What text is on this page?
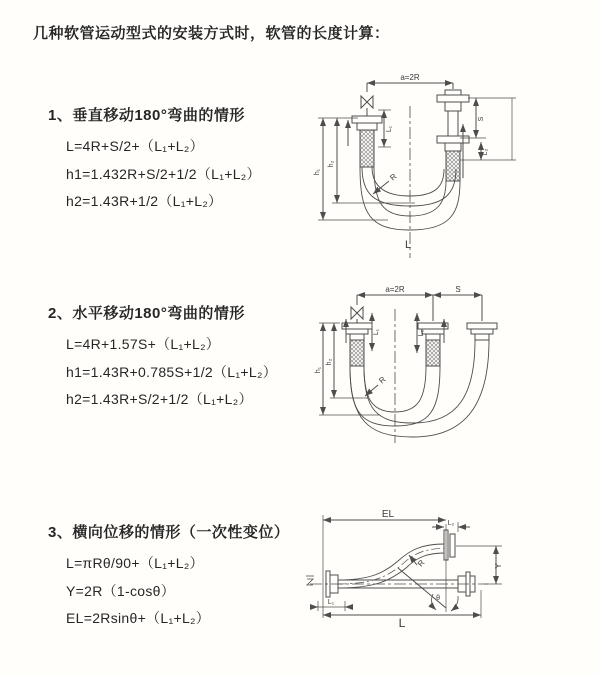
几种软管运动型式的安装方式时，软管的长度计算：

1、垂直移动180°弯曲的情形

L=4R+S/2+（L₁+L₂）

h1=1.432R+S/2+1/2（L₁+L₂）

h2=1.43R+1/2（L₁+L₂）

2、水平移动180°弯曲的情形

L=4R+1.57S+（L₁+L₂）

h1=1.43R+0.785S+1/2（L₁+L₂）

h2=1.43R+S/2+1/2（L₁+L₂）

3、横向位移的情形（一次性变位）

L=πRθ/90+（L₁+L₂）

Y=2R（1-cosθ）

EL=2Rsinθ+（L₁+L₂）

a=2R
h₁
h₂
L₁
S
L₂
R
L
a=2R	S
L₁	L₂
h₁
h₂
R
EL
L₂
Y
R
θ
L
L₁
